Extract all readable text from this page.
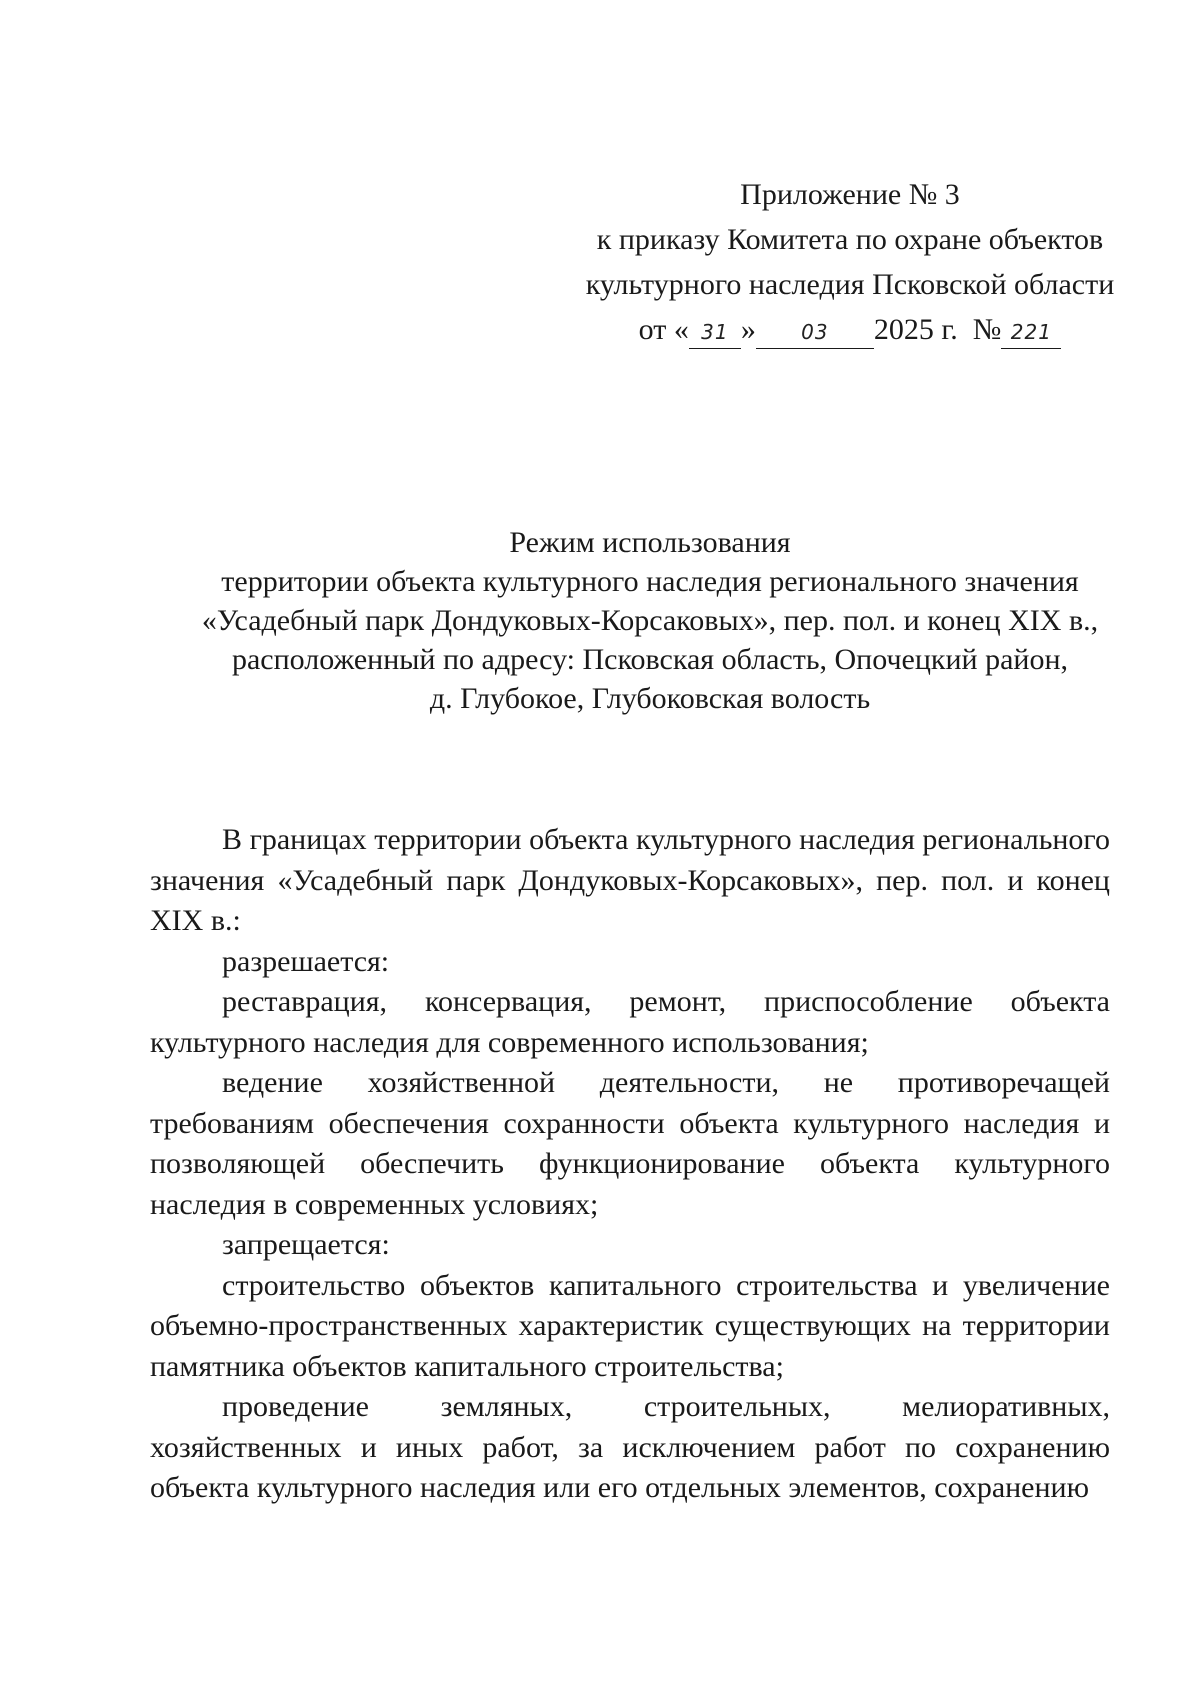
Приложение № 3
к приказу Комитета по охране объектов
культурного наследия Псковской области
от « 31 » 03 2025 г. № 221
Режим использования
территории объекта культурного наследия регионального значения
«Усадебный парк Дондуковых-Корсаковых», пер. пол. и конец XIX в.,
расположенный по адресу: Псковская область, Опочецкий район,
д. Глубокое, Глубоковская волость

В границах территории объекта культурного наследия регионального значения «Усадебный парк Дондуковых-Корсаковых», пер. пол. и конец XIX в.:

разрешается:

реставрация, консервация, ремонт, приспособление объекта культурного наследия для современного использования;

ведение хозяйственной деятельности, не противоречащей требованиям обеспечения сохранности объекта культурного наследия и позволяющей обеспечить функционирование объекта культурного наследия в современных условиях;

запрещается:

строительство объектов капитального строительства и увеличение объемно-пространственных характеристик существующих на территории памятника объектов капитального строительства;

проведение земляных, строительных, мелиоративных, хозяйственных и иных работ, за исключением работ по сохранению объекта культурного наследия или его отдельных элементов, сохранению
